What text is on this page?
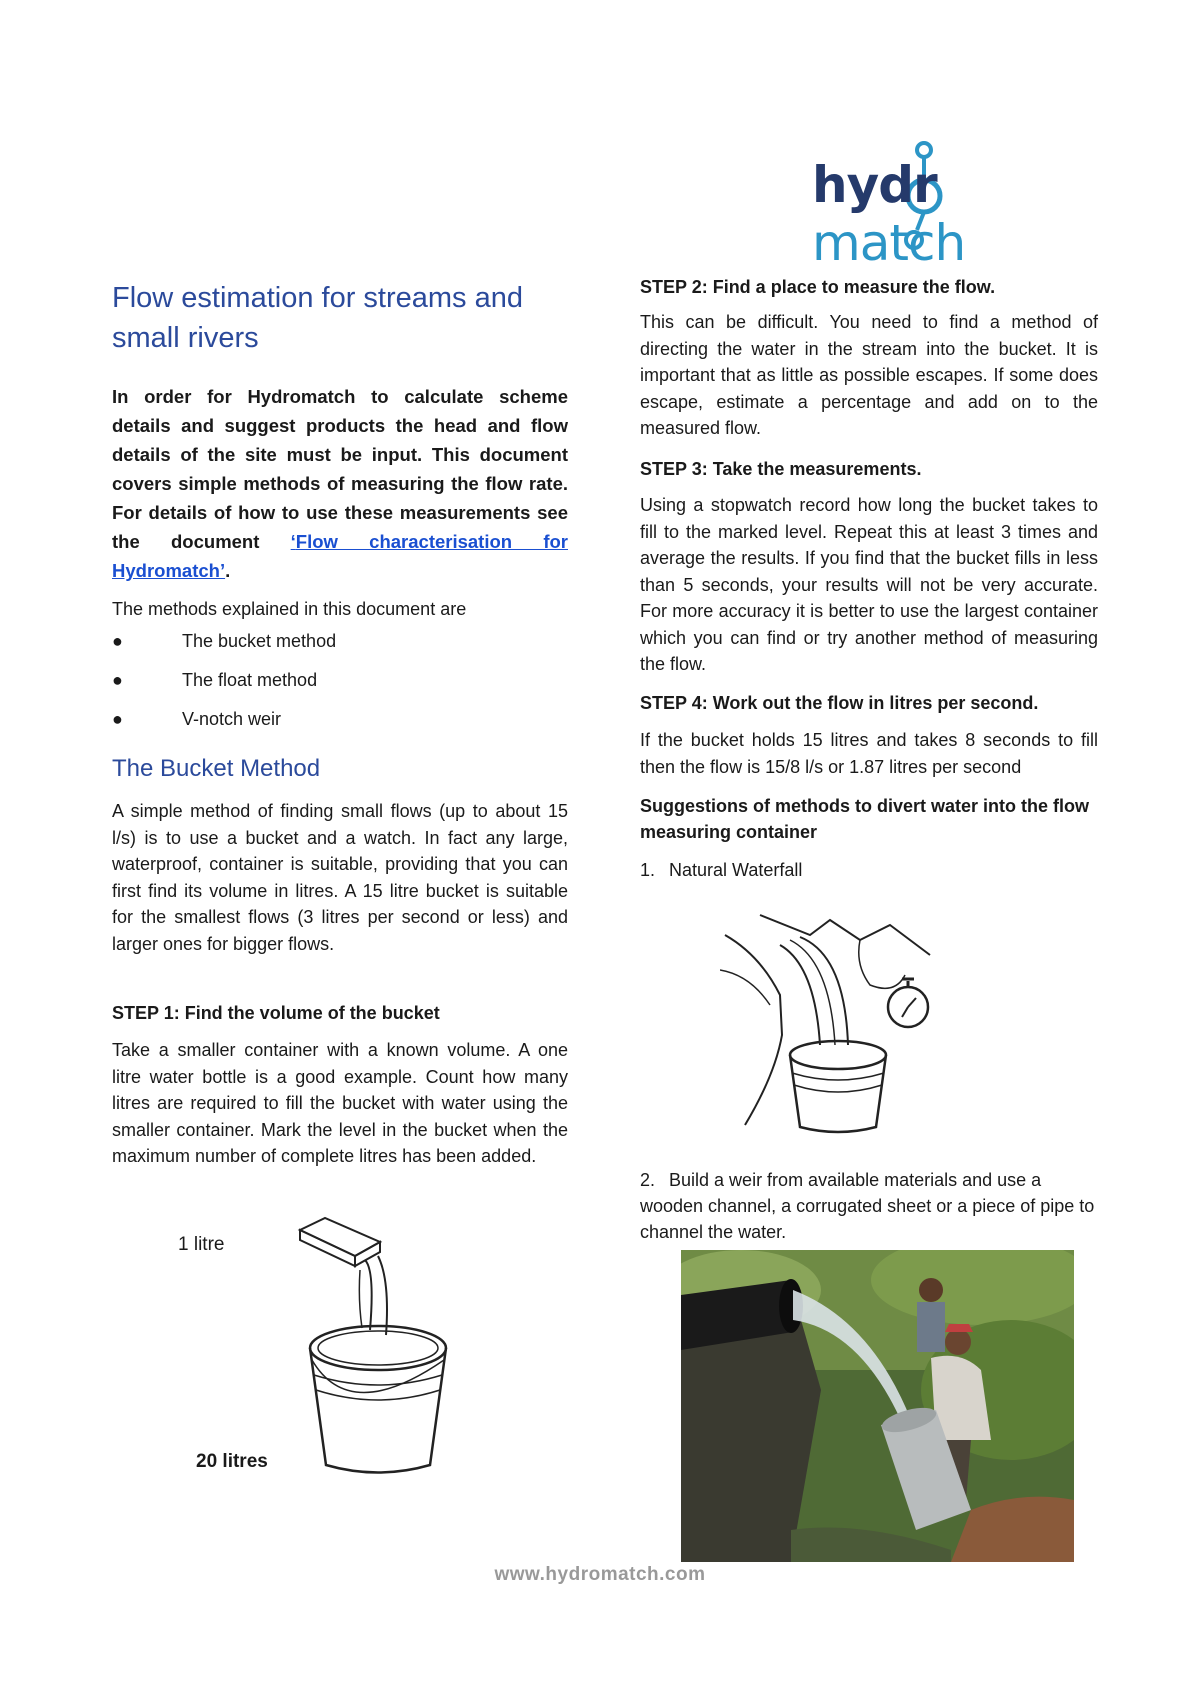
hydrmatch
Flow estimation for streams and
small rivers
In order for Hydromatch to calculate scheme details and suggest products the head and flow details of the site must be input. This document covers simple methods of measuring the flow rate. For details of how to use these measurements see the document ‘Flow characterisation for Hydromatch’.
The methods explained in this document are
●	The bucket method
●	The float method
●	V-notch weir
The Bucket Method
A simple method of finding small flows (up to about 15 l/s) is to use a bucket and a watch. In fact any large, waterproof, container is suitable, providing that you can first find its volume in litres. A 15 litre bucket is suitable for the smallest flows (3 litres per second or less) and larger ones for bigger flows.
STEP 1: Find the volume of the bucket
Take a smaller container with a known volume. A one litre water bottle is a good example. Count how many litres are required to fill the bucket with water using the smaller container. Mark the level in the bucket when the maximum number of complete litres has been added.
1 litre
20 litres
STEP 2: Find a place to measure the flow.
This can be difficult. You need to find a method of directing the water in the stream into the bucket. It is important that as little as possible escapes. If some does escape, estimate a percentage and add on to the measured flow.
STEP 3: Take the measurements.
Using a stopwatch record how long the bucket takes to fill to the marked level. Repeat this at least 3 times and average the results. If you find that the bucket fills in less than 5 seconds, your results will not be very accurate. For more accuracy it is better to use the largest container which you can find or try another method of measuring the flow.
STEP 4: Work out the flow in litres per second.
If the bucket holds 15 litres and takes 8 seconds to fill then the flow is 15/8 l/s or 1.87 litres per second
Suggestions of methods to divert water into the flow measuring container
1. Natural Waterfall
2. Build a weir from available materials and use a wooden channel, a corrugated sheet or a piece of pipe to channel the water.
www.hydromatch.com
